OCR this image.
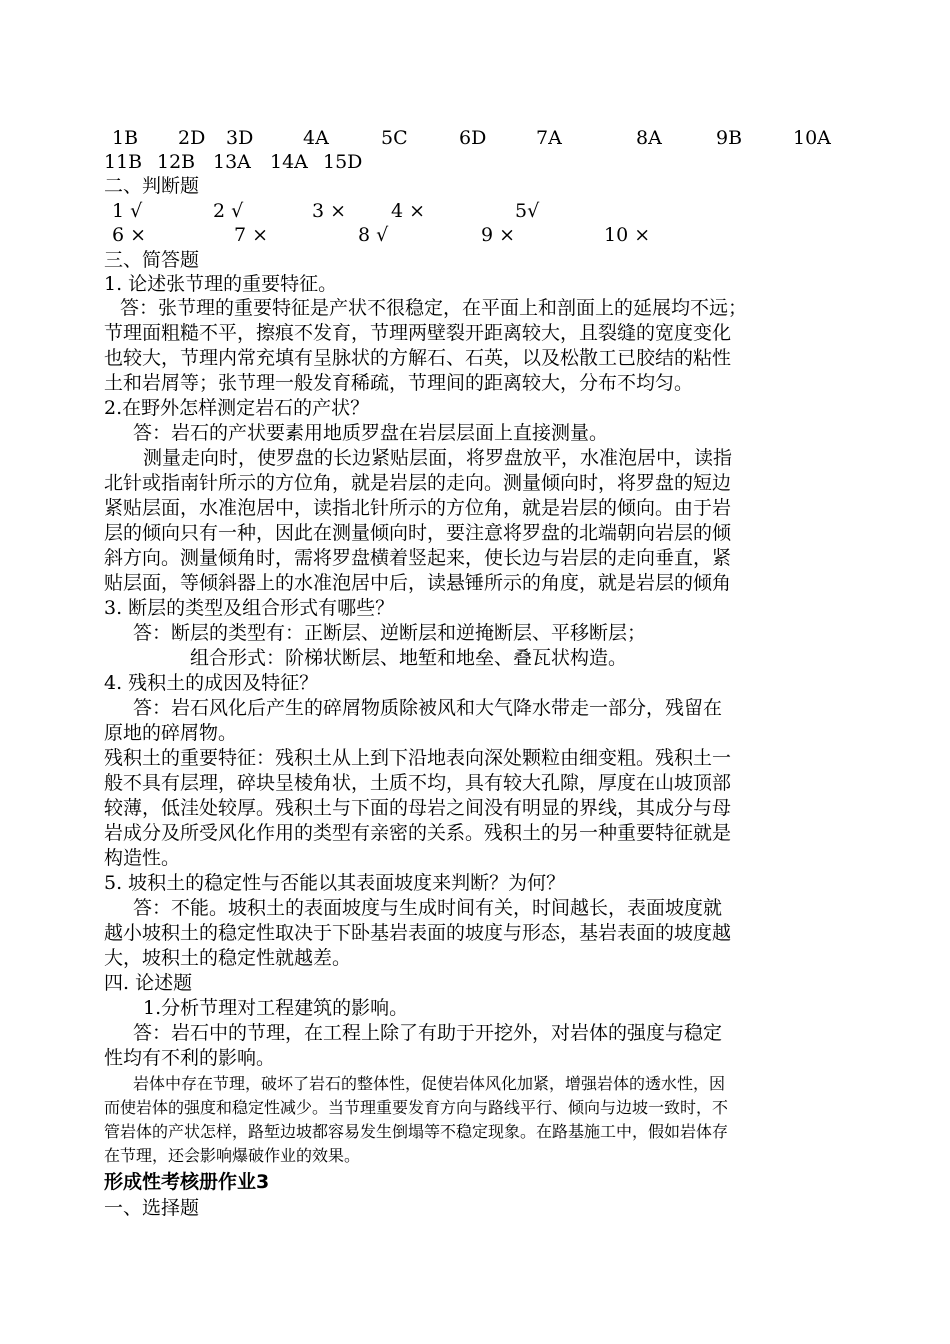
1B 2D 3D	4A	5C	6D	7A	8A	9B	10A
11B 12B 13A 14A 15D
二、判断题
1 √	2 √	3 × 4 ×	5√
6 ×	7 ×	8 √	9 ×	10 ×
三、简答题
1. 论述张节理的重要特征。
答：张节理的重要特征是产状不很稳定，在平面上和剖面上的延展均不远；
节理面粗糙不平，擦痕不发育，节理两壁裂开距离较大，且裂缝的宽度变化
也较大，节理内常充填有呈脉状的方解石、石英，以及松散工已胶结的粘性
土和岩屑等；张节理一般发育稀疏，节理间的距离较大，分布不均匀。
2.在野外怎样测定岩石的产状？
答：岩石的产状要素用地质罗盘在岩层层面上直接测量。
测量走向时，使罗盘的长边紧贴层面，将罗盘放平，水准泡居中，读指
北针或指南针所示的方位角，就是岩层的走向。测量倾向时，将罗盘的短边
紧贴层面，水准泡居中，读指北针所示的方位角，就是岩层的倾向。由于岩
层的倾向只有一种，因此在测量倾向时，要注意将罗盘的北端朝向岩层的倾
斜方向。测量倾角时，需将罗盘横着竖起来，使长边与岩层的走向垂直，紧
贴层面，等倾斜器上的水准泡居中后，读悬锤所示的角度，就是岩层的倾角
3. 断层的类型及组合形式有哪些？
答：断层的类型有：正断层、逆断层和逆掩断层、平移断层；
组合形式：阶梯状断层、地堑和地垒、叠瓦状构造。
4. 残积土的成因及特征？
答：岩石风化后产生的碎屑物质除被风和大气降水带走一部分，残留在
原地的碎屑物。
残积土的重要特征：残积土从上到下沿地表向深处颗粒由细变粗。残积土一
般不具有层理，碎块呈棱角状，土质不均，具有较大孔隙，厚度在山坡顶部
较薄，低洼处较厚。残积土与下面的母岩之间没有明显的界线，其成分与母
岩成分及所受风化作用的类型有亲密的关系。残积土的另一种重要特征就是
构造性。
5. 坡积土的稳定性与否能以其表面坡度来判断？为何？
答：不能。坡积土的表面坡度与生成时间有关，时间越长，表面坡度就
越小坡积土的稳定性取决于下卧基岩表面的坡度与形态，基岩表面的坡度越
大，坡积土的稳定性就越差。
四. 论述题
1.分析节理对工程建筑的影响。
答：岩石中的节理，在工程上除了有助于开挖外，对岩体的强度与稳定
性均有不利的影响。
岩体中存在节理，破坏了岩石的整体性，促使岩体风化加紧，增强岩体的透水性，因
而使岩体的强度和稳定性减少。当节理重要发育方向与路线平行、倾向与边坡一致时，不
管岩体的产状怎样，路堑边坡都容易发生倒塌等不稳定现象。在路基施工中，假如岩体存
在节理，还会影响爆破作业的效果。
形成性考核册作业3
一、选择题
